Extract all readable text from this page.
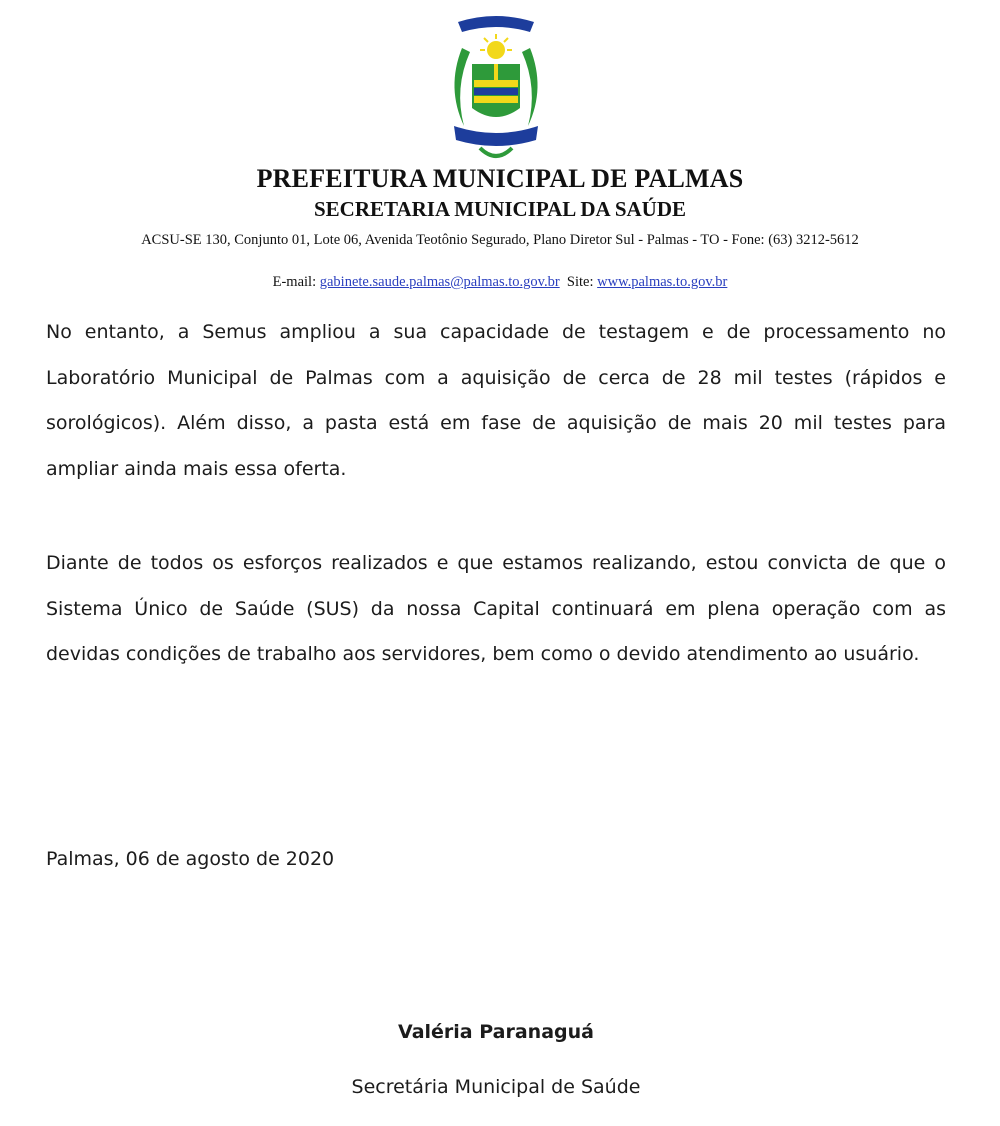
PREFEITURA MUNICIPAL DE PALMAS
SECRETARIA MUNICIPAL DA SAÚDE
ACSU-SE 130, Conjunto 01, Lote 06, Avenida Teotônio Segurado, Plano Diretor Sul - Palmas - TO - Fone: (63) 3212-5612
E-mail: gabinete.saude.palmas@palmas.to.gov.br Site: www.palmas.to.gov.br
No entanto, a Semus ampliou a sua capacidade de testagem e de processamento no Laboratório Municipal de Palmas com a aquisição de cerca de 28 mil testes (rápidos e sorológicos). Além disso, a pasta está em fase de aquisição de mais 20 mil testes para ampliar ainda mais essa oferta.
Diante de todos os esforços realizados e que estamos realizando, estou convicta de que o Sistema Único de Saúde (SUS) da nossa Capital continuará em plena operação com as devidas condições de trabalho aos servidores, bem como o devido atendimento ao usuário.
Palmas, 06 de agosto de 2020
Valéria Paranaguá
Secretária Municipal de Saúde
